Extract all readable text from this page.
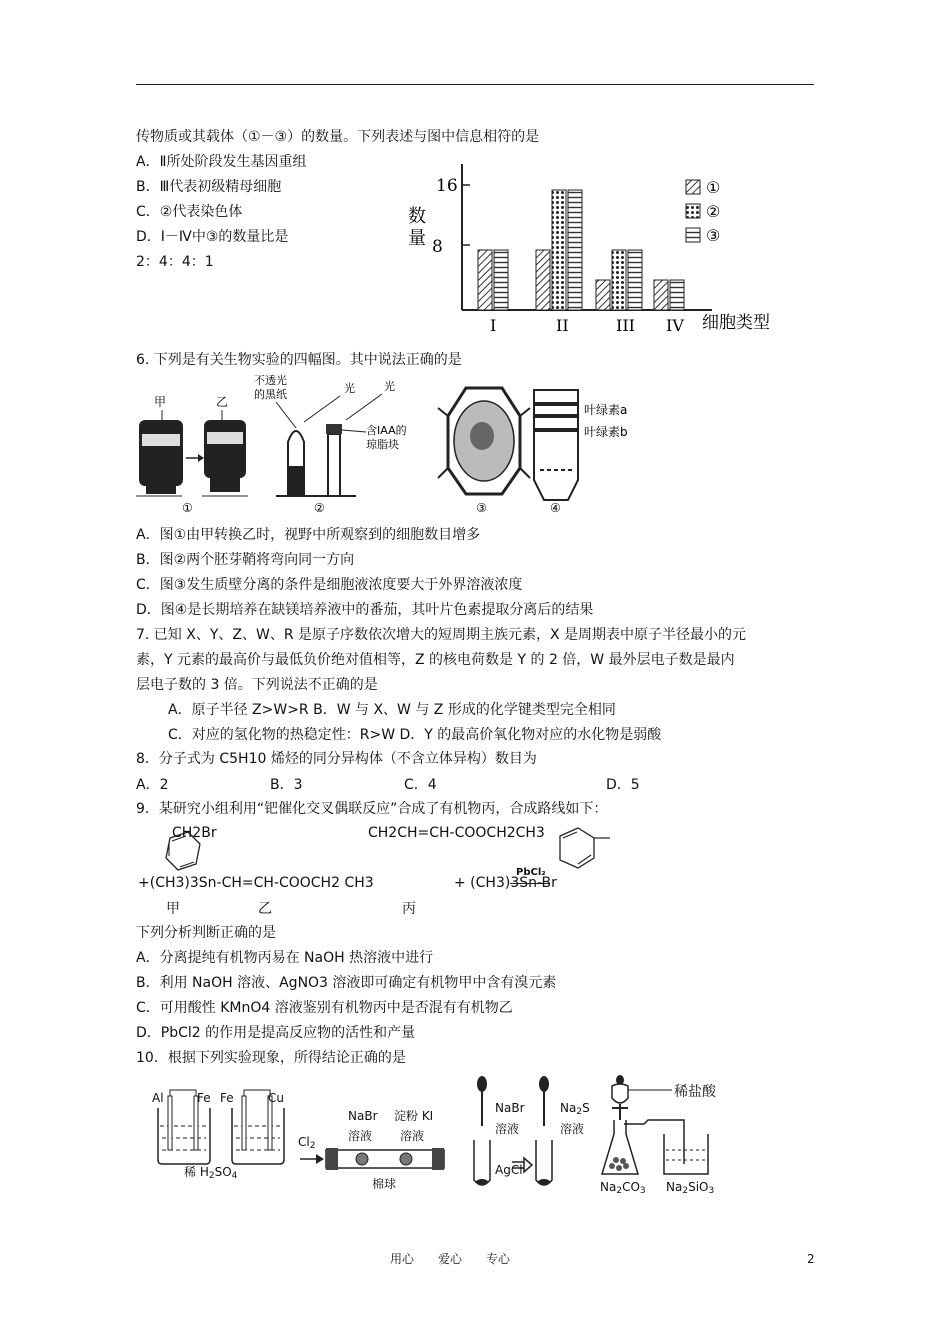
传物质或其载体（①－③）的数量。下列表述与图中信息相符的是
A．Ⅱ所处阶段发生基因重组
B．Ⅲ代表初级精母细胞
C．②代表染色体
D．Ⅰ－Ⅳ中③的数量比是
2：4：4：1
16
8
数 量
I	II	III IV 细胞类型
①
②
③
6. 下列是有关生物实验的四幅图。其中说法正确的是
甲	乙
①
不透光
的黑纸	光	光
含IAA的
琼脂块
②	③
叶绿素a
叶绿素b
④
A．图①由甲转换乙时，视野中所观察到的细胞数目增多
B．图②两个胚芽鞘将弯向同一方向
C．图③发生质壁分离的条件是细胞液浓度要大于外界溶液浓度
D．图④是长期培养在缺镁培养液中的番茄，其叶片色素提取分离后的结果
7. 已知 X、Y、Z、W、R 是原子序数依次增大的短周期主族元素，X 是周期表中原子半径最小的元
素，Y 元素的最高价与最低负价绝对值相等，Z 的核电荷数是 Y 的 2 倍，W 最外层电子数是最内
层电子数的 3 倍。下列说法不正确的是
A．原子半径 Z>W>R B．W 与 X、W 与 Z 形成的化学键类型完全相同
C．对应的氢化物的热稳定性：R>W D．Y 的最高价氧化物对应的水化物是弱酸
8．分子式为 C5H10 烯烃的同分异构体（不含立体异构）数目为
A．2	B．3	C．4	D．5
9．某研究小组利用“钯催化交叉偶联反应”合成了有机物丙，合成路线如下：
CH2Br	CH2CH=CH-COOCH2CH3
+(CH3)3Sn-CH=CH-COOCH2 CH3
PbCl₂
+ (CH3)3Sn-Br
甲	乙	丙
下列分析判断正确的是
A．分离提纯有机物丙易在 NaOH 热溶液中进行
B．利用 NaOH 溶液、AgNO3 溶液即可确定有机物甲中含有溴元素
C．可用酸性 KMnO4 溶液鉴别有机物丙中是否混有有机物乙
D．PbCl2 的作用是提高反应物的活性和产量
10．根据下列实验现象，所得结论正确的是
Al	Fe Fe	Cu
稀 $H_2SO_4$
$Cl_2$
NaBr
溶液
淀粉 KI
溶液
棉球
NaBr
溶液
$Na_2S$
溶液
AgCl
稀盐酸
$Na_2CO_3$ $Na_2SiO_3$
用心　　爱心　　专心	2
